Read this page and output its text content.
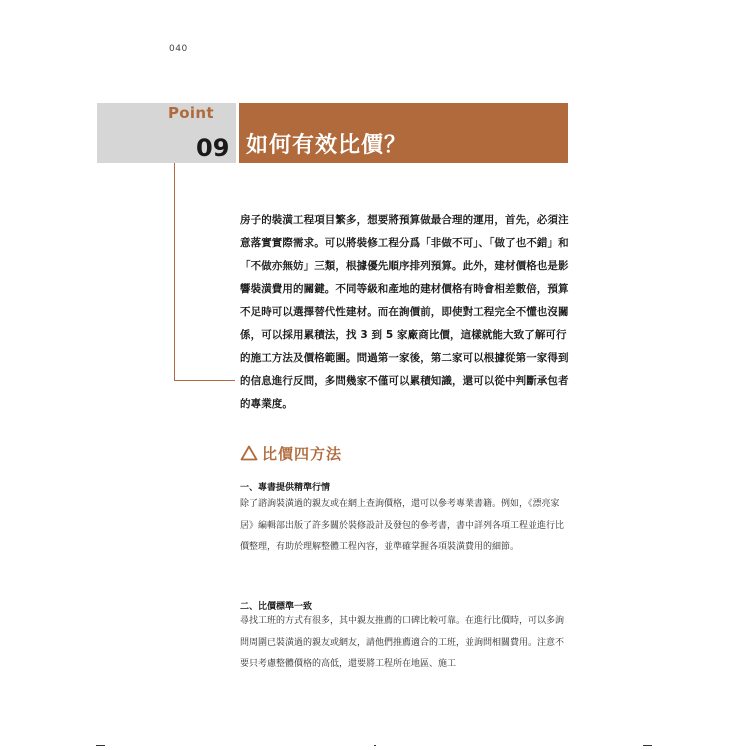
040
Point
09 如何有效比價？

房子的裝潢工程項目繁多，想要將預算做最合理的運用，首先，必須注意落實實際需求。可以將裝修工程分爲「非做不可」、「做了也不錯」和「不做亦無妨」三類，根據優先順序排列預算。此外，建材價格也是影響裝潢費用的關鍵。不同等級和產地的建材價格有時會相差數倍，預算不足時可以選擇替代性建材。而在詢價前，即使對工程完全不懂也沒關係，可以採用累積法，找 3 到 5 家廠商比價，這樣就能大致了解可行的施工方法及價格範圍。問過第一家後，第二家可以根據從第一家得到的信息進行反問，多問幾家不僅可以累積知識，還可以從中判斷承包者的專業度。

比價四方法
一、專書提供精準行情

除了諮詢裝潢過的親友或在網上查詢價格，還可以參考專業書籍。例如，《漂亮家居》編輯部出版了許多關於裝修設計及發包的參考書，書中詳列各項工程並進行比價整理，有助於理解整體工程內容，並準確掌握各項裝潢費用的細節。

二、比價標準一致

尋找工班的方式有很多，其中親友推薦的口碑比較可靠。在進行比價時，可以多詢問周圍已裝潢過的親友或網友，請他們推薦適合的工班，並詢問相關費用。注意不要只考慮整體價格的高低，還要將工程所在地區、施工
